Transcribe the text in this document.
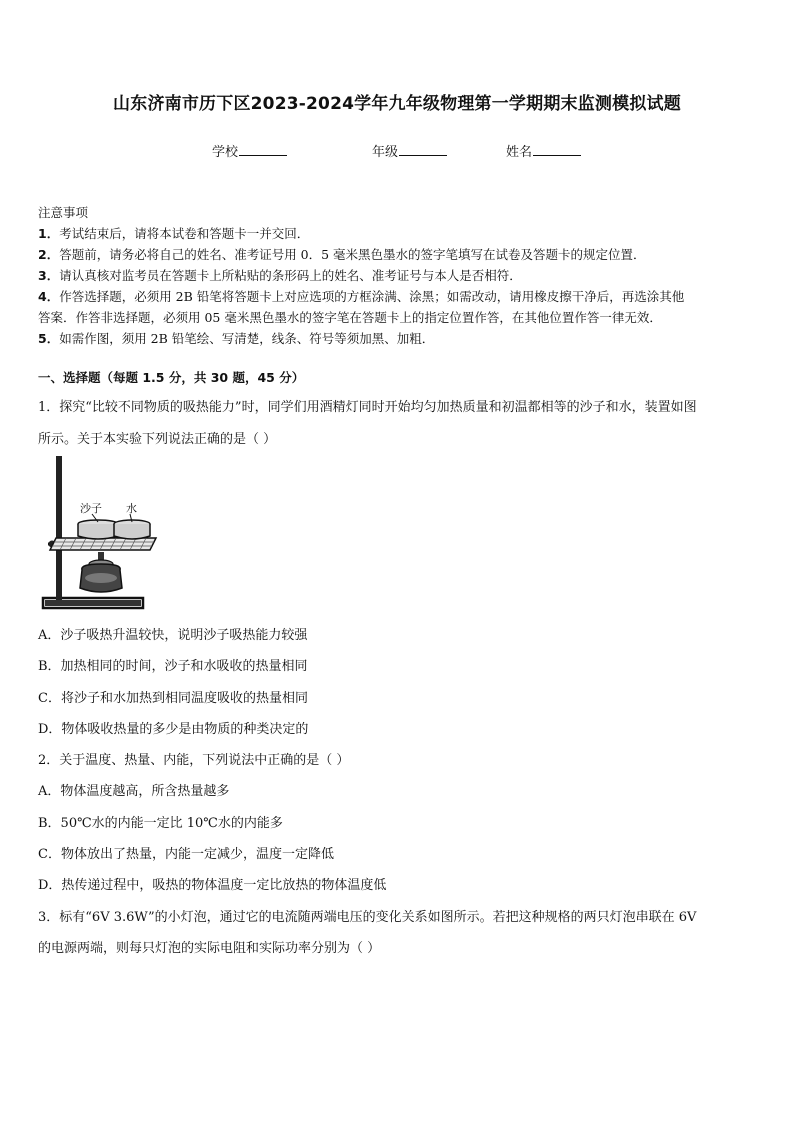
山东济南市历下区2023-2024学年九年级物理第一学期期末监测模拟试题
学校	年级	姓名
注意事项
1．考试结束后，请将本试卷和答题卡一并交回．
2．答题前，请务必将自己的姓名、准考证号用 0．5 毫米黑色墨水的签字笔填写在试卷及答题卡的规定位置．
3．请认真核对监考员在答题卡上所粘贴的条形码上的姓名、准考证号与本人是否相符．
4．作答选择题，必须用 2B 铅笔将答题卡上对应选项的方框涂满、涂黑；如需改动，请用橡皮擦干净后，再选涂其他
答案．作答非选择题，必须用 05 毫米黑色墨水的签字笔在答题卡上的指定位置作答，在其他位置作答一律无效．
5．如需作图，须用 2B 铅笔绘、写清楚，线条、符号等须加黑、加粗．
一、选择题（每题 1.5 分，共 30 题，45 分）
1．探究“比较不同物质的吸热能力”时，同学们用酒精灯同时开始均匀加热质量和初温都相等的沙子和水，装置如图
所示。关于本实验下列说法正确的是（ ）
沙子 水
A．沙子吸热升温较快，说明沙子吸热能力较强
B．加热相同的时间，沙子和水吸收的热量相同
C．将沙子和水加热到相同温度吸收的热量相同
D．物体吸收热量的多少是由物质的种类决定的
2．关于温度、热量、内能，下列说法中正确的是（ ）
A．物体温度越高，所含热量越多
B．50℃水的内能一定比 10℃水的内能多
C．物体放出了热量，内能一定减少，温度一定降低
D．热传递过程中，吸热的物体温度一定比放热的物体温度低
3．标有“6V 3.6W”的小灯泡，通过它的电流随两端电压的变化关系如图所示。若把这种规格的两只灯泡串联在 6V
的电源两端，则每只灯泡的实际电阻和实际功率分别为（ ）
